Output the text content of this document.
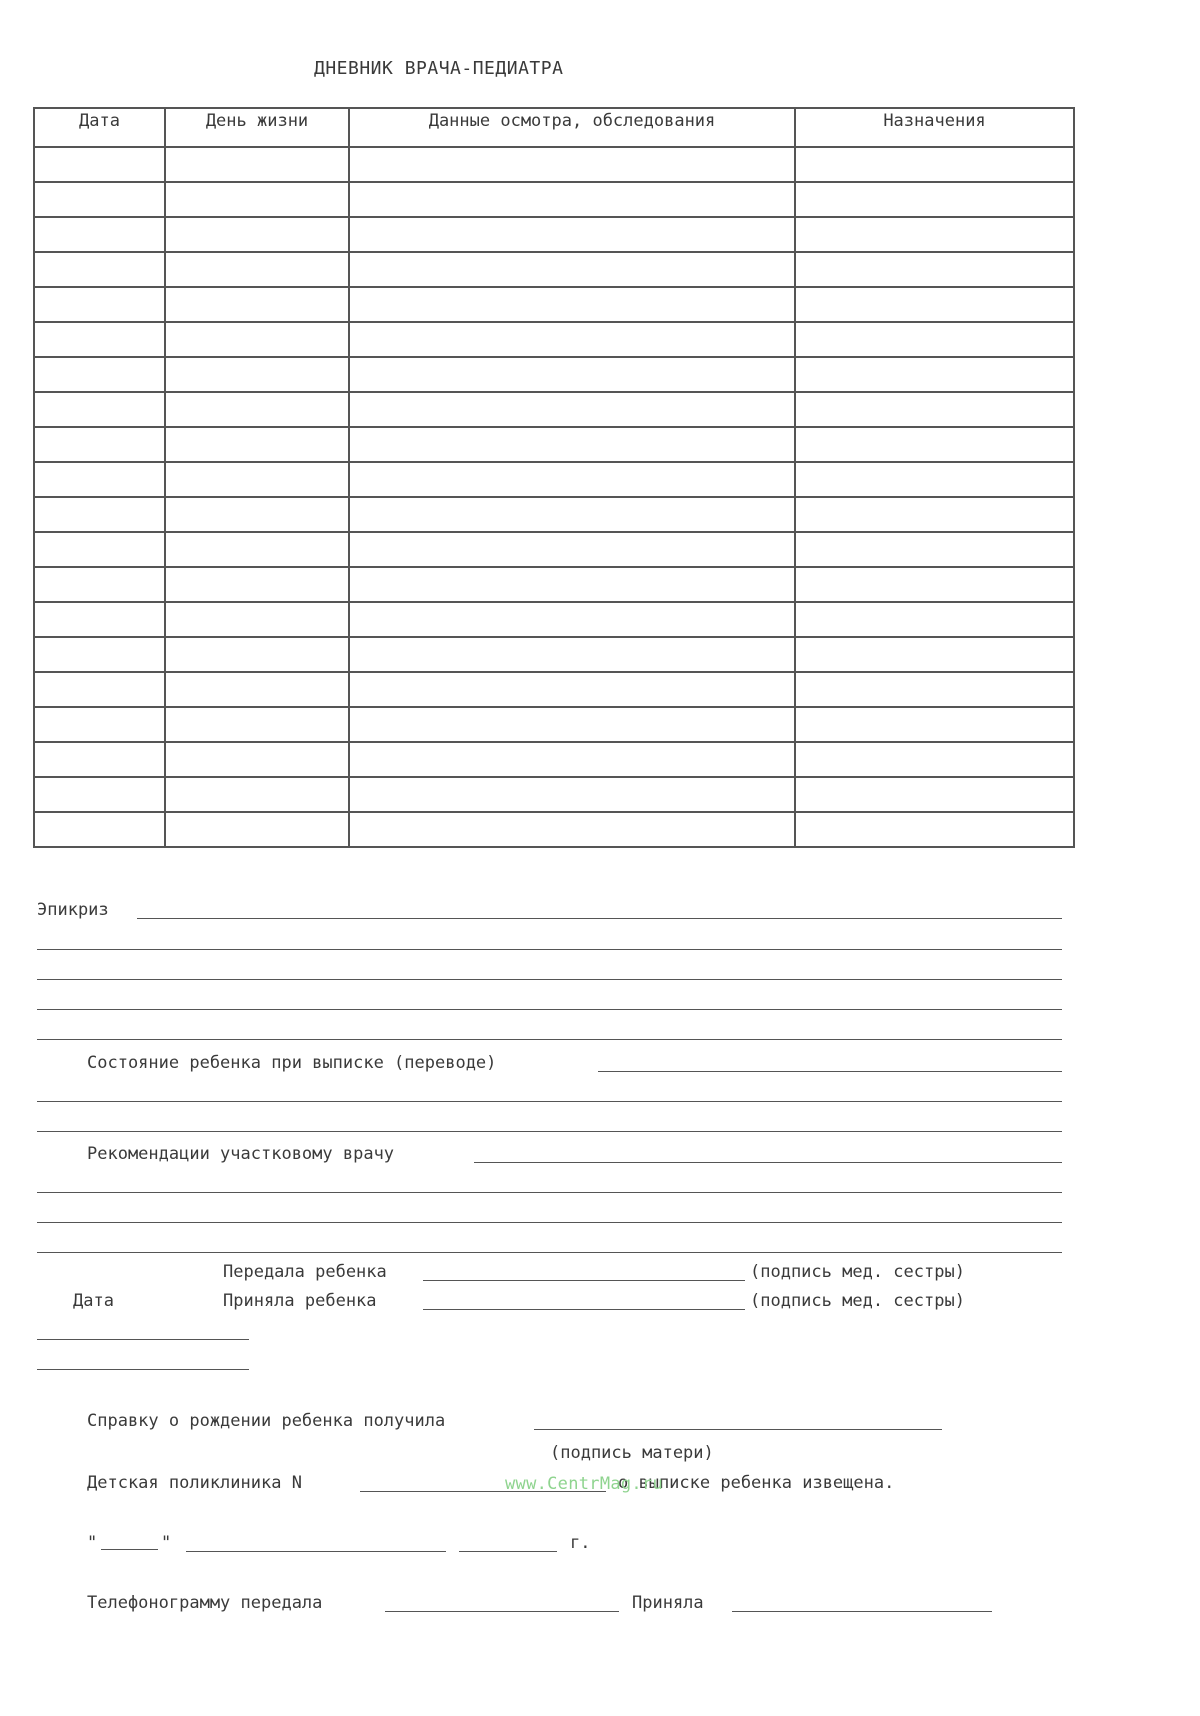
ДНЕВНИК ВРАЧА-ПЕДИАТРА
Дата	День жизни	Данные осмотра, обследования	Назначения

Эпикриз
Состояние ребенка при выписке (переводе)
Рекомендации участковому врачу
Передала ребенка	(подпись мед. сестры)
Дата	Приняла ребенка	(подпись мед. сестры)
Справку о рождении ребенка получила
(подпись матери)
Детская поликлиника N	о выписке ребенка извещена.
www.CentrMag.ru
"	"	г.
Телефонограмму передала	Приняла
